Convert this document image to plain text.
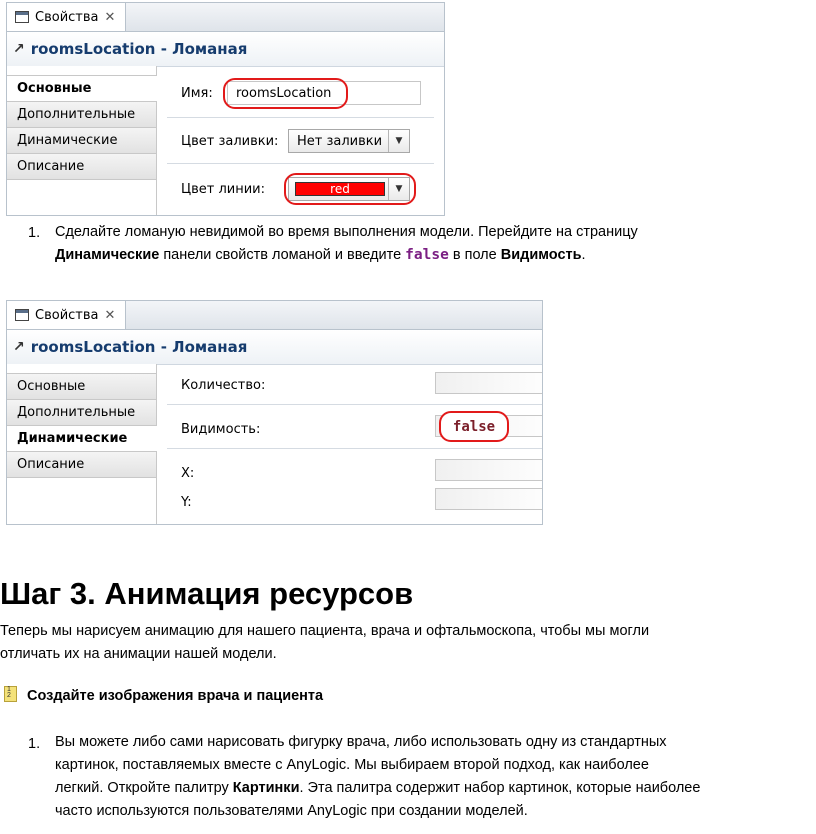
Свойства ✕
↗ roomsLocation - Ломаная
Основные
Дополнительные
Динамические
Описание
Имя:	roomsLocation
Цвет заливки:	Нет заливки	▼
Цвет линии:	red	▼
1. Сделайте ломаную невидимой во время выполнения модели. Перейдите на страницу
Динамические панели свойств ломаной и введите false в поле Видимость.
Свойства ✕
↗ roomsLocation - Ломаная
Основные
Дополнительные
Динамические
Описание
Количество:
Видимость:	false
X:
Y:
Шаг 3. Анимация ресурсов
Теперь мы нарисуем анимацию для нашего пациента, врача и офтальмоскопа, чтобы мы могли
отличать их на анимации нашей модели.
1
2	Создайте изображения врача и пациента
1. Вы можете либо сами нарисовать фигурку врача, либо использовать одну из стандартных
картинок, поставляемых вместе с AnyLogic. Мы выбираем второй подход, как наиболее
легкий. Откройте палитру Картинки. Эта палитра содержит набор картинок, которые наиболее
часто используются пользователями AnyLogic при создании моделей.
